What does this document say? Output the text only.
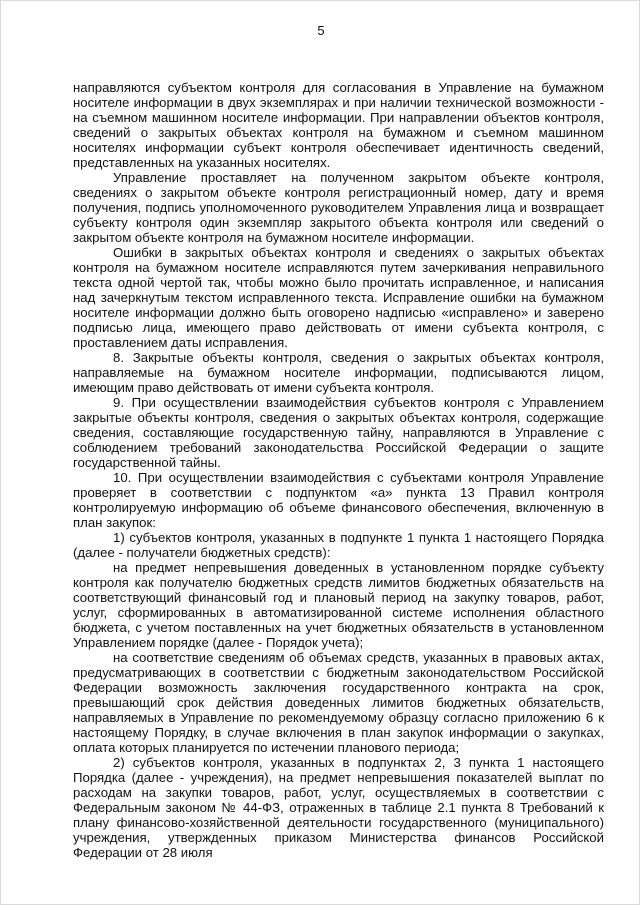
5

направляются субъектом контроля для согласования в Управление на бумажном носителе информации в двух экземплярах и при наличии технической возможности - на съемном машинном носителе информации. При направлении объектов контроля, сведений о закрытых объектах контроля на бумажном и съемном машинном носителях информации субъект контроля обеспечивает идентичность сведений, представленных на указанных носителях.

Управление проставляет на полученном закрытом объекте контроля, сведениях о закрытом объекте контроля регистрационный номер, дату и время получения, подпись уполномоченного руководителем Управления лица и возвращает субъекту контроля один экземпляр закрытого объекта контроля или сведений о закрытом объекте контроля на бумажном носителе информации.

Ошибки в закрытых объектах контроля и сведениях о закрытых объектах контроля на бумажном носителе исправляются путем зачеркивания неправильного текста одной чертой так, чтобы можно было прочитать исправленное, и написания над зачеркнутым текстом исправленного текста. Исправление ошибки на бумажном носителе информации должно быть оговорено надписью «исправлено» и заверено подписью лица, имеющего право действовать от имени субъекта контроля, с проставлением даты исправления.

8. Закрытые объекты контроля, сведения о закрытых объектах контроля, направляемые на бумажном носителе информации, подписываются лицом, имеющим право действовать от имени субъекта контроля.

9. При осуществлении взаимодействия субъектов контроля с Управлением закрытые объекты контроля, сведения о закрытых объектах контроля, содержащие сведения, составляющие государственную тайну, направляются в Управление с соблюдением требований законодательства Российской Федерации о защите государственной тайны.

10. При осуществлении взаимодействия с субъектами контроля Управление проверяет в соответствии с подпунктом «а» пункта 13 Правил контроля контролируемую информацию об объеме финансового обеспечения, включенную в план закупок:

1) субъектов контроля, указанных в подпункте 1 пункта 1 настоящего Порядка (далее - получатели бюджетных средств):

на предмет непревышения доведенных в установленном порядке субъекту контроля как получателю бюджетных средств лимитов бюджетных обязательств на соответствующий финансовый год и плановый период на закупку товаров, работ, услуг, сформированных в автоматизированной системе исполнения областного бюджета, с учетом поставленных на учет бюджетных обязательств в установленном Управлением порядке (далее - Порядок учета);

на соответствие сведениям об объемах средств, указанных в правовых актах, предусматривающих в соответствии с бюджетным законодательством Российской Федерации возможность заключения государственного контракта на срок, превышающий срок действия доведенных лимитов бюджетных обязательств, направляемых в Управление по рекомендуемому образцу согласно приложению 6 к настоящему Порядку, в случае включения в план закупок информации о закупках, оплата которых планируется по истечении планового периода;

2) субъектов контроля, указанных в подпунктах 2, 3 пункта 1 настоящего Порядка (далее - учреждения), на предмет непревышения показателей выплат по расходам на закупки товаров, работ, услуг, осуществляемых в соответствии с Федеральным законом № 44-ФЗ, отраженных в таблице 2.1 пункта 8 Требований к плану финансово-хозяйственной деятельности государственного (муниципального) учреждения, утвержденных приказом Министерства финансов Российской Федерации от 28 июля
